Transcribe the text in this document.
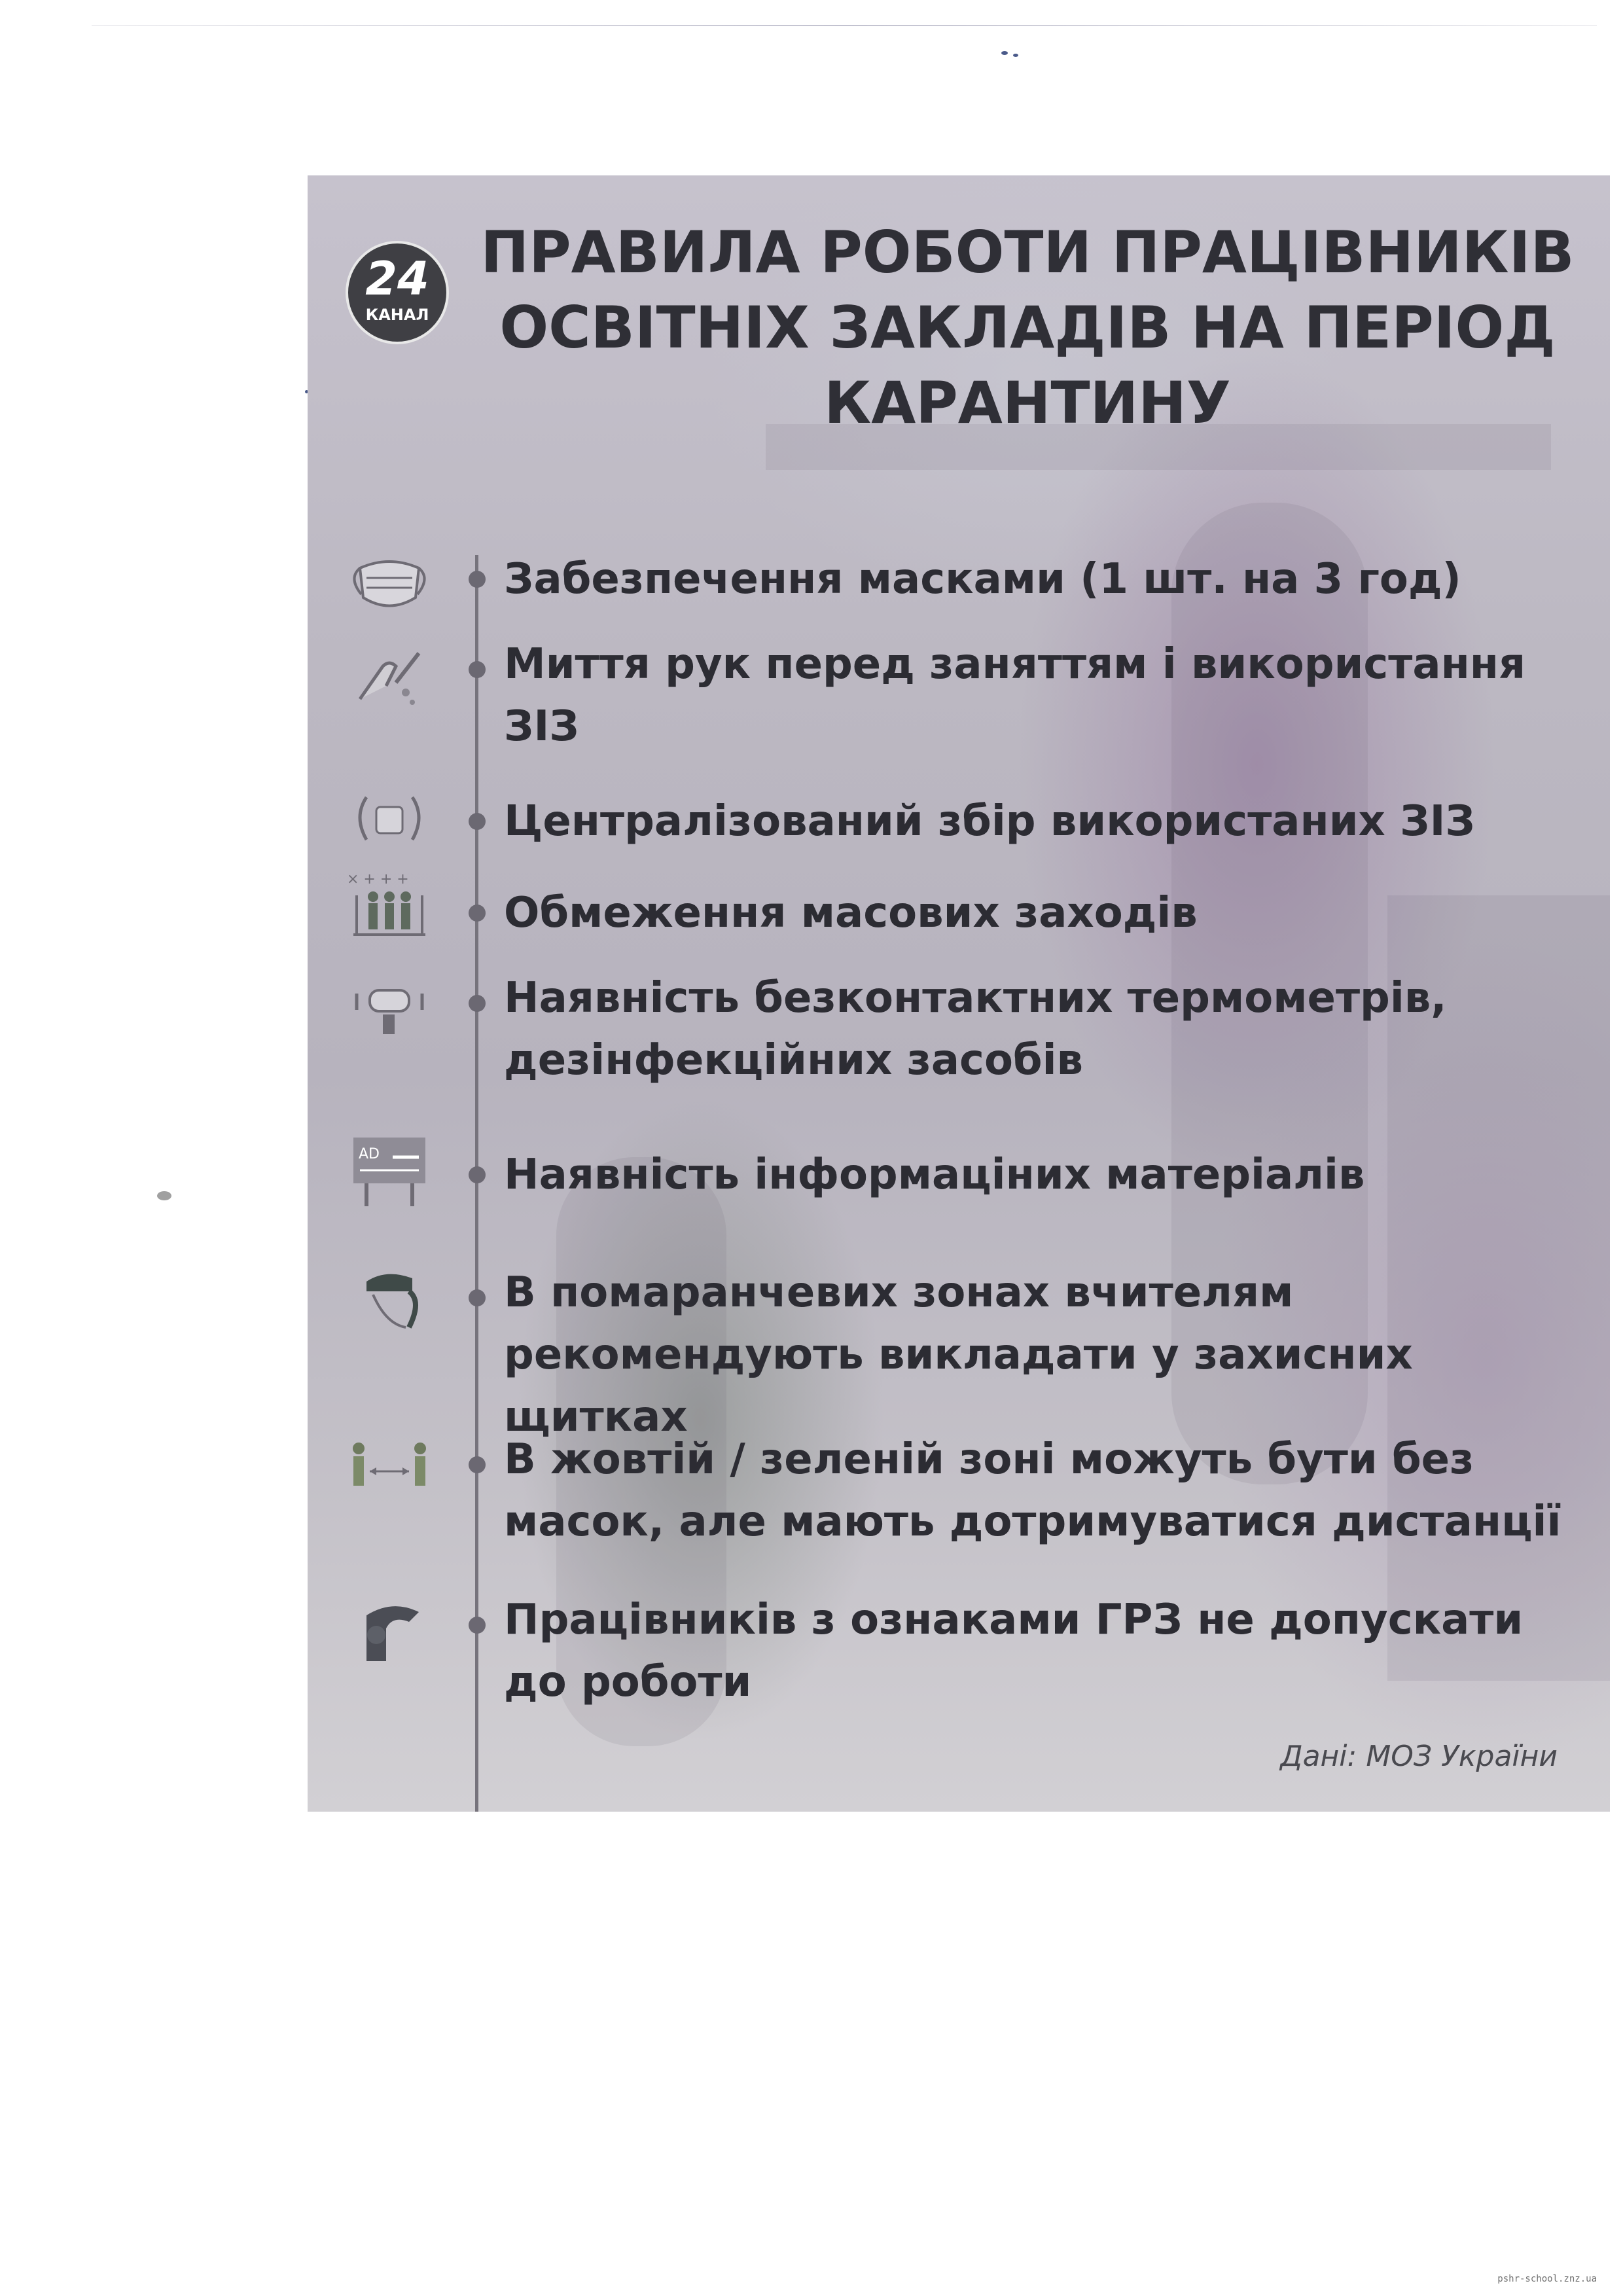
24
КАНАЛ
ПРАВИЛА РОБОТИ ПРАЦІВНИКІВ ОСВІТНІХ ЗАКЛАДІВ НА ПЕРІОД КАРАНТИНУ
Забезпечення масками (1 шт. на 3 год)
Миття рук перед заняттям і використання ЗІЗ
Централізований збір використаних ЗІЗ
× + + +
Обмеження масових заходів
Наявність безконтактних термометрів, дезінфекційних засобів
AD	Наявність інформаціних матеріалів
В помаранчевих зонах вчителям рекомендують викладати у захисних щитках
В жовтій / зеленій зоні можуть бути без масок, але мають дотримуватися дистанції
Працівників з ознаками ГРЗ не допускати до роботи
Дані: МОЗ України
pshr-school.znz.ua
